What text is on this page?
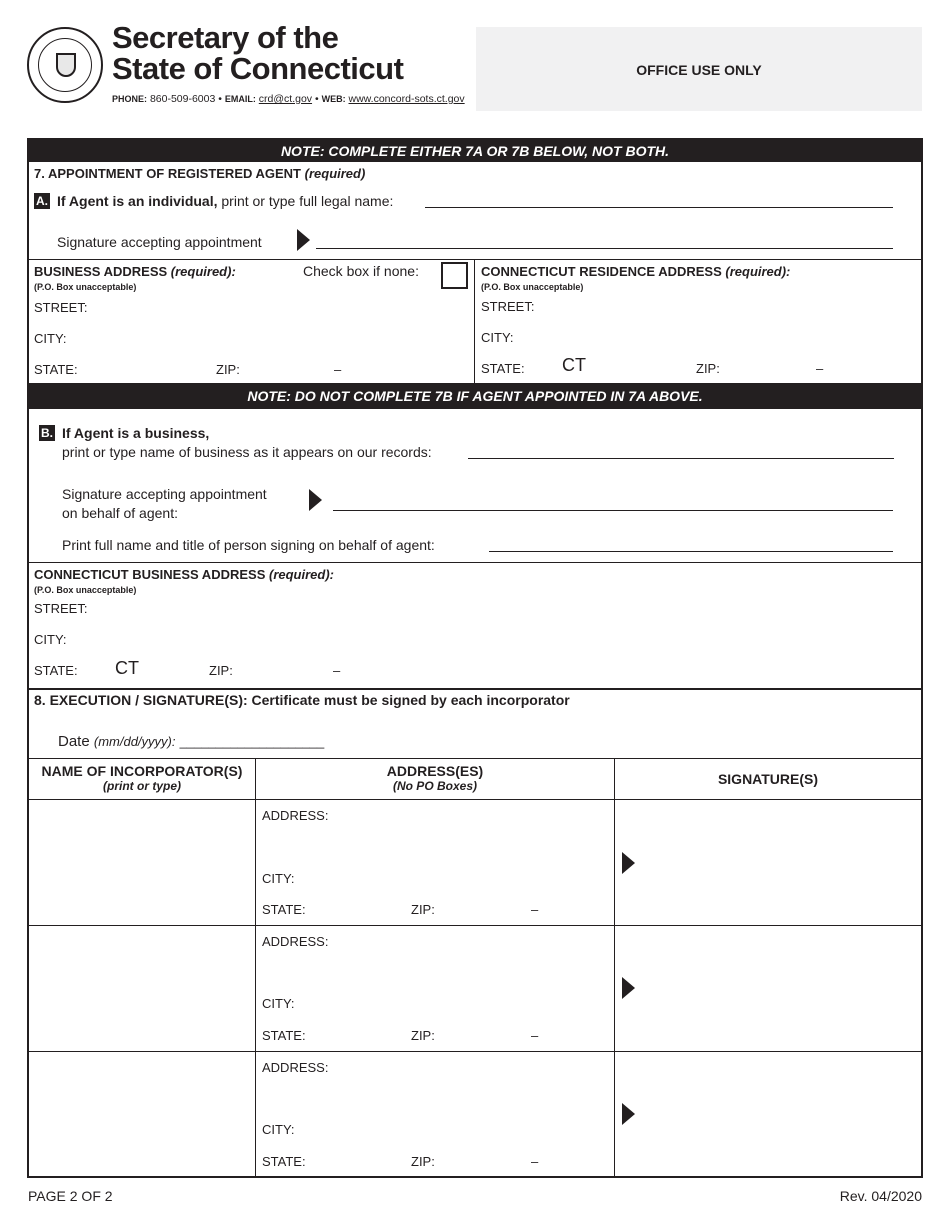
Secretary of the
State of Connecticut
PHONE: 860-509-6003 • EMAIL: crd@ct.gov • WEB: www.concord-sots.ct.gov
OFFICE USE ONLY
NOTE: COMPLETE EITHER 7A OR 7B BELOW, NOT BOTH.
7. APPOINTMENT OF REGISTERED AGENT (required)
A. If Agent is an individual, print or type full legal name:
Signature accepting appointment
BUSINESS ADDRESS (required):
(P.O. Box unacceptable)
Check box if none:
STREET:
CITY:
STATE:	ZIP:	–
CONNECTICUT RESIDENCE ADDRESS (required):
(P.O. Box unacceptable)
STREET:
CITY:
STATE: CT	ZIP:	–
NOTE: DO NOT COMPLETE 7B IF AGENT APPOINTED IN 7A ABOVE.
B. If Agent is a business,
print or type name of business as it appears on our records:
Signature accepting appointment
on behalf of agent:
Print full name and title of person signing on behalf of agent:
CONNECTICUT BUSINESS ADDRESS (required):
(P.O. Box unacceptable)
STREET:
CITY:
STATE: CT	ZIP:	–
8. EXECUTION / SIGNATURE(S): Certificate must be signed by each incorporator
Date (mm/dd/yyyy): ____________________
NAME OF INCORPORATOR(S)
(print or type)
ADDRESS(ES)
(No PO Boxes)	SIGNATURE(S)
ADDRESS:
CITY:
STATE:	ZIP:	–
ADDRESS:
CITY:
STATE:	ZIP:	–
ADDRESS:
CITY:
STATE:	ZIP:	–
PAGE 2 OF 2	Rev. 04/2020
